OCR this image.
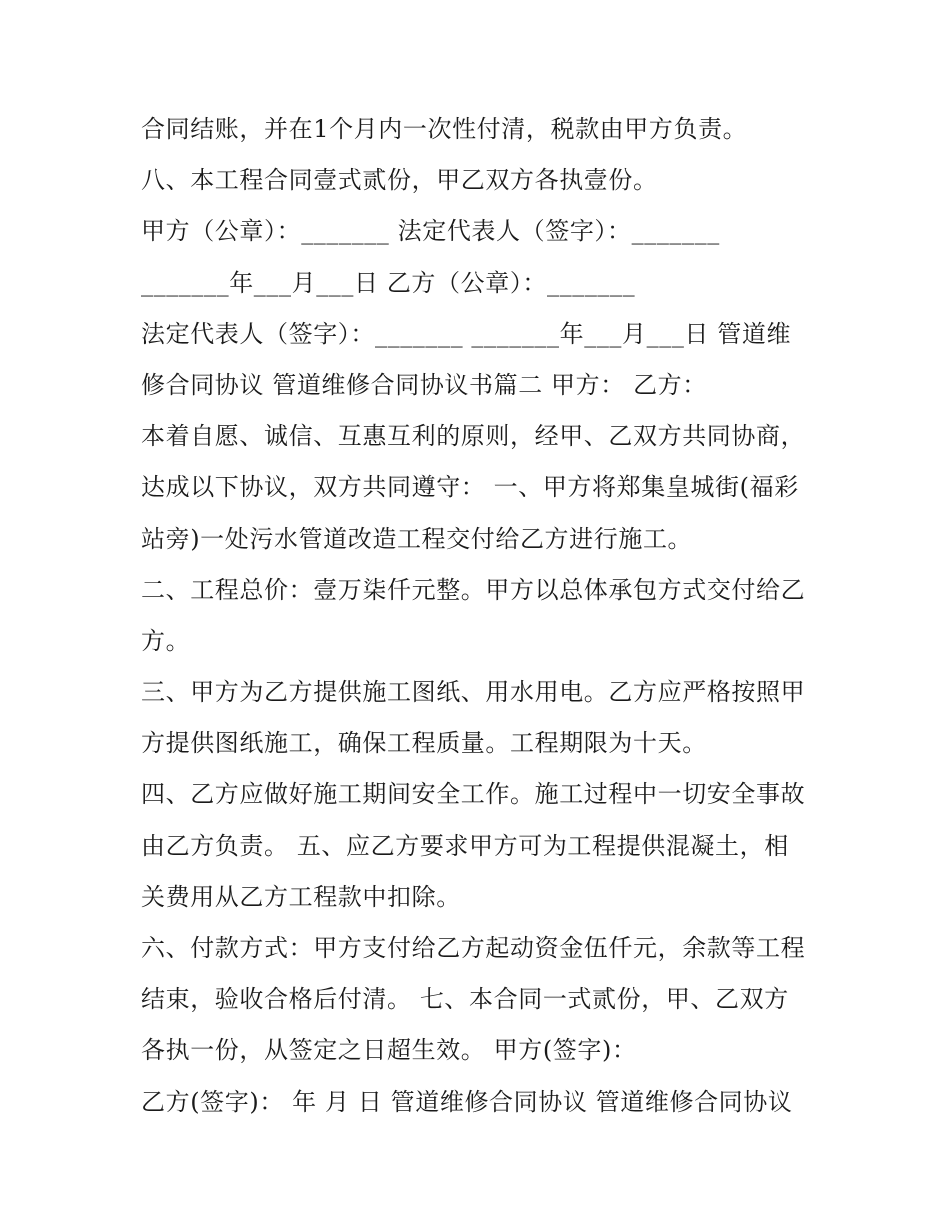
合同结账，并在1个月内一次性付清，税款由甲方负责。
八、本工程合同壹式贰份，甲乙双方各执壹份。
甲方（公章）：_______ 法定代表人（签字）：_______
_______年___月___日 乙方（公章）：_______
法定代表人（签字）：_______ _______年___月___日 管道维
修合同协议 管道维修合同协议书篇二 甲方： 乙方：
本着自愿、诚信、互惠互利的原则，经甲、乙双方共同协商，
达成以下协议，双方共同遵守： 一、甲方将郑集皇城街(福彩
站旁)一处污水管道改造工程交付给乙方进行施工。
二、工程总价：壹万柒仟元整。甲方以总体承包方式交付给乙
方。
三、甲方为乙方提供施工图纸、用水用电。乙方应严格按照甲
方提供图纸施工，确保工程质量。工程期限为十天。
四、乙方应做好施工期间安全工作。施工过程中一切安全事故
由乙方负责。 五、应乙方要求甲方可为工程提供混凝土，相
关费用从乙方工程款中扣除。
六、付款方式：甲方支付给乙方起动资金伍仟元，余款等工程
结束，验收合格后付清。 七、本合同一式贰份，甲、乙双方
各执一份，从签定之日超生效。 甲方(签字)：
乙方(签字)： 年 月 日 管道维修合同协议 管道维修合同协议
